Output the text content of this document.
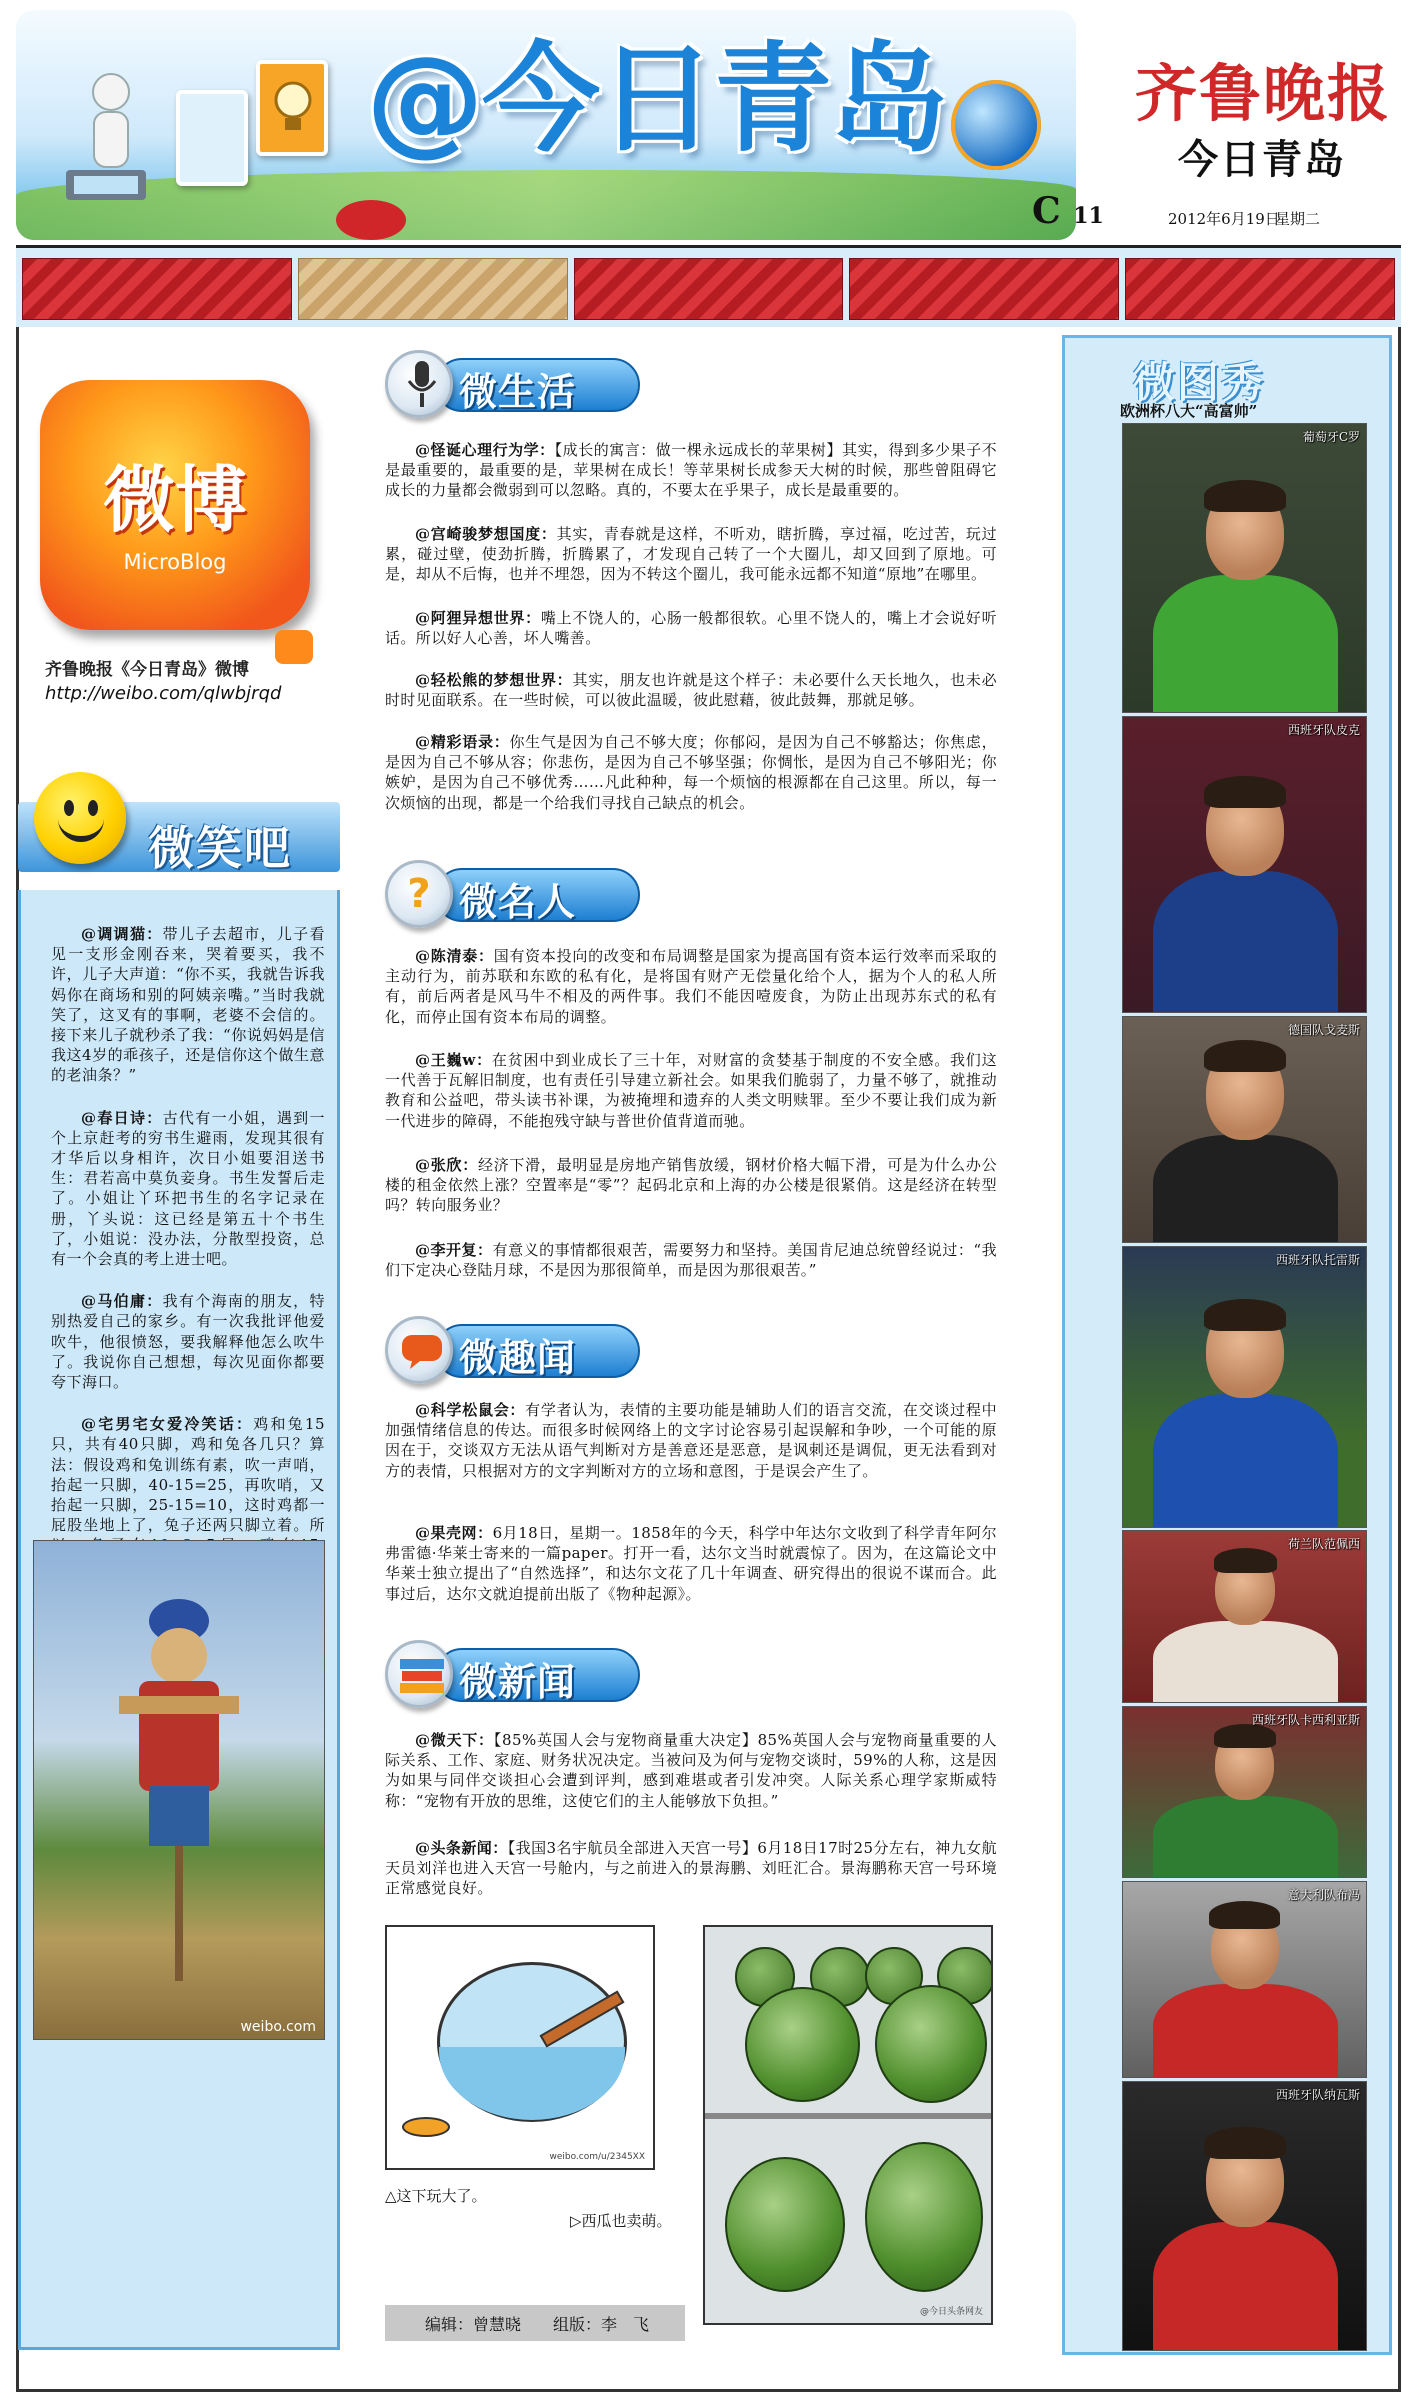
@今日青岛	齐鲁晚报
今日青岛
C 11	2012年6月19日
星期二
微博
MicroBlog
齐鲁晚报《今日青岛》微博
http://weibo.com/qlwbjrqd
微笑吧

@调调猫：带儿子去超市，儿子看见一支形金刚吞来，哭着要买，我不许，儿子大声道：“你不买，我就告诉我妈你在商场和别的阿姨亲嘴。”当时我就笑了，这叉有的事啊，老婆不会信的。接下来儿子就秒杀了我：“你说妈妈是信我这4岁的乖孩子，还是信你这个做生意的老油条？”

@春日诗：古代有一小姐，遇到一个上京赶考的穷书生避雨，发现其很有才华后以身相许，次日小姐要泪送书生：君若高中莫负妾身。书生发誓后走了。小姐让丫环把书生的名字记录在册，丫头说：这已经是第五十个书生了，小姐说：没办法，分散型投资，总有一个会真的考上进士吧。

@马伯庸：我有个海南的朋友，特别热爱自己的家乡。有一次我批评他爱吹牛，他很愤怒，要我解释他怎么吹牛了。我说你自己想想，每次见面你都要夸下海口。

@宅男宅女爱冷笑话：鸡和兔15只，共有40只脚，鸡和兔各几只？算法：假设鸡和兔训练有素，吹一声哨，抬起一只脚，40-15=25，再吹哨，又抬起一只脚，25-15=10，这时鸡都一屁股坐地上了，兔子还两只脚立着。所

weibo.com
微生活
@怪诞心理行为学：【成长的寓言：做一棵永远成长的苹果树】其实，得到多少果子不是最重要的，最重要的是，苹果树在成长！等苹果树长成参天大树的时候，那些曾阻碍它成长的力量都会微弱到可以忽略。真的，不要太在乎果子，成长是最重要的。
@宫崎骏梦想国度：其实，青春就是这样，不听劝，瞎折腾，享过福，吃过苦，玩过累，碰过壁，使劲折腾，折腾累了，才发现自己转了一个大圈儿，却又回到了原地。可是，却从不后悔，也并不埋怨，因为不转这个圈儿，我可能永远都不知道“原地”在哪里。
@阿狸异想世界：嘴上不饶人的，心肠一般都很软。心里不饶人的，嘴上才会说好听话。所以好人心善，坏人嘴善。
@轻松熊的梦想世界：其实，朋友也许就是这个样子：未必要什么天长地久，也未必时时见面联系。在一些时候，可以彼此温暖，彼此慰藉，彼此鼓舞，那就足够。
@精彩语录：你生气是因为自己不够大度；你郁闷，是因为自己不够豁达；你焦虑，是因为自己不够从容；你悲伤，是因为自己不够坚强；你惆怅，是因为自己不够阳光；你嫉妒，是因为自己不够优秀……凡此种种，每一个烦恼的根源都在自己这里。所以，每一次烦恼的出现，都是一个给我们寻找自己缺点的机会。
? 微名人
@陈清泰：国有资本投向的改变和布局调整是国家为提高国有资本运行效率而采取的主动行为，前苏联和东欧的私有化，是将国有财产无偿量化给个人，据为个人的私人所有，前后两者是风马牛不相及的两件事。我们不能因噎废食，为防止出现苏东式的私有化，而停止国有资本布局的调整。
@王巍w：在贫困中到业成长了三十年，对财富的贪婪基于制度的不安全感。我们这一代善于瓦解旧制度，也有责任引导建立新社会。如果我们脆弱了，力量不够了，就推动教育和公益吧，带头读书补课，为被掩埋和遗弃的人类文明赎罪。至少不要让我们成为新一代进步的障碍，不能抱残守缺与普世价值背道而驰。
@张欣：经济下滑，最明显是房地产销售放缓，钢材价格大幅下滑，可是为什么办公楼的租金依然上涨？空置率是“零”？起码北京和上海的办公楼是很紧俏。这是经济在转型吗？转向服务业？
@李开复：有意义的事情都很艰苦，需要努力和坚持。美国肯尼迪总统曾经说过：“我们下定决心登陆月球，不是因为那很简单，而是因为那很艰苦。”
微趣闻
@科学松鼠会：有学者认为，表情的主要功能是辅助人们的语言交流，在交谈过程中加强情绪信息的传达。而很多时候网络上的文字讨论容易引起误解和争吵，一个可能的原因在于，交谈双方无法从语气判断对方是善意还是恶意，是讽刺还是调侃，更无法看到对方的表情，只根据对方的文字判断对方的立场和意图，于是误会产生了。
@果壳网：6月18日，星期一。1858年的今天，科学中年达尔文收到了科学青年阿尔弗雷德·华莱士寄来的一篇paper。打开一看，达尔文当时就震惊了。因为，在这篇论文中华莱士独立提出了“自然选择”，和达尔文花了几十年调查、研究得出的很说不谋而合。此事过后，达尔文就迫提前出版了《物种起源》。
微新闻
@微天下：【85%英国人会与宠物商量重大决定】85%英国人会与宠物商量重要的人际关系、工作、家庭、财务状况决定。当被问及为何与宠物交谈时，59%的人称，这是因为如果与同伴交谈担心会遭到评判，感到难堪或者引发冲突。人际关系心理学家斯威特称：“宠物有开放的思维，这使它们的主人能够放下负担。”
@头条新闻：【我国3名宇航员全部进入天宫一号】6月18日17时25分左右，神九女航天员刘洋也进入天宫一号舱内，与之前进入的景海鹏、刘旺汇合。景海鹏称天宫一号环境正常感觉良好。
weibo.com/u/2345XX
△这下玩大了。
@今日头条网友
▷西瓜也卖萌。
编辑：曾慧晓　　 组版：李　飞
微图秀
欧洲杯八大“高富帅”
葡萄牙C罗
西班牙队皮克
德国队戈麦斯
西班牙队托雷斯
荷兰队范佩西
西班牙队卡西利亚斯
意大利队布冯
西班牙队纳瓦斯
